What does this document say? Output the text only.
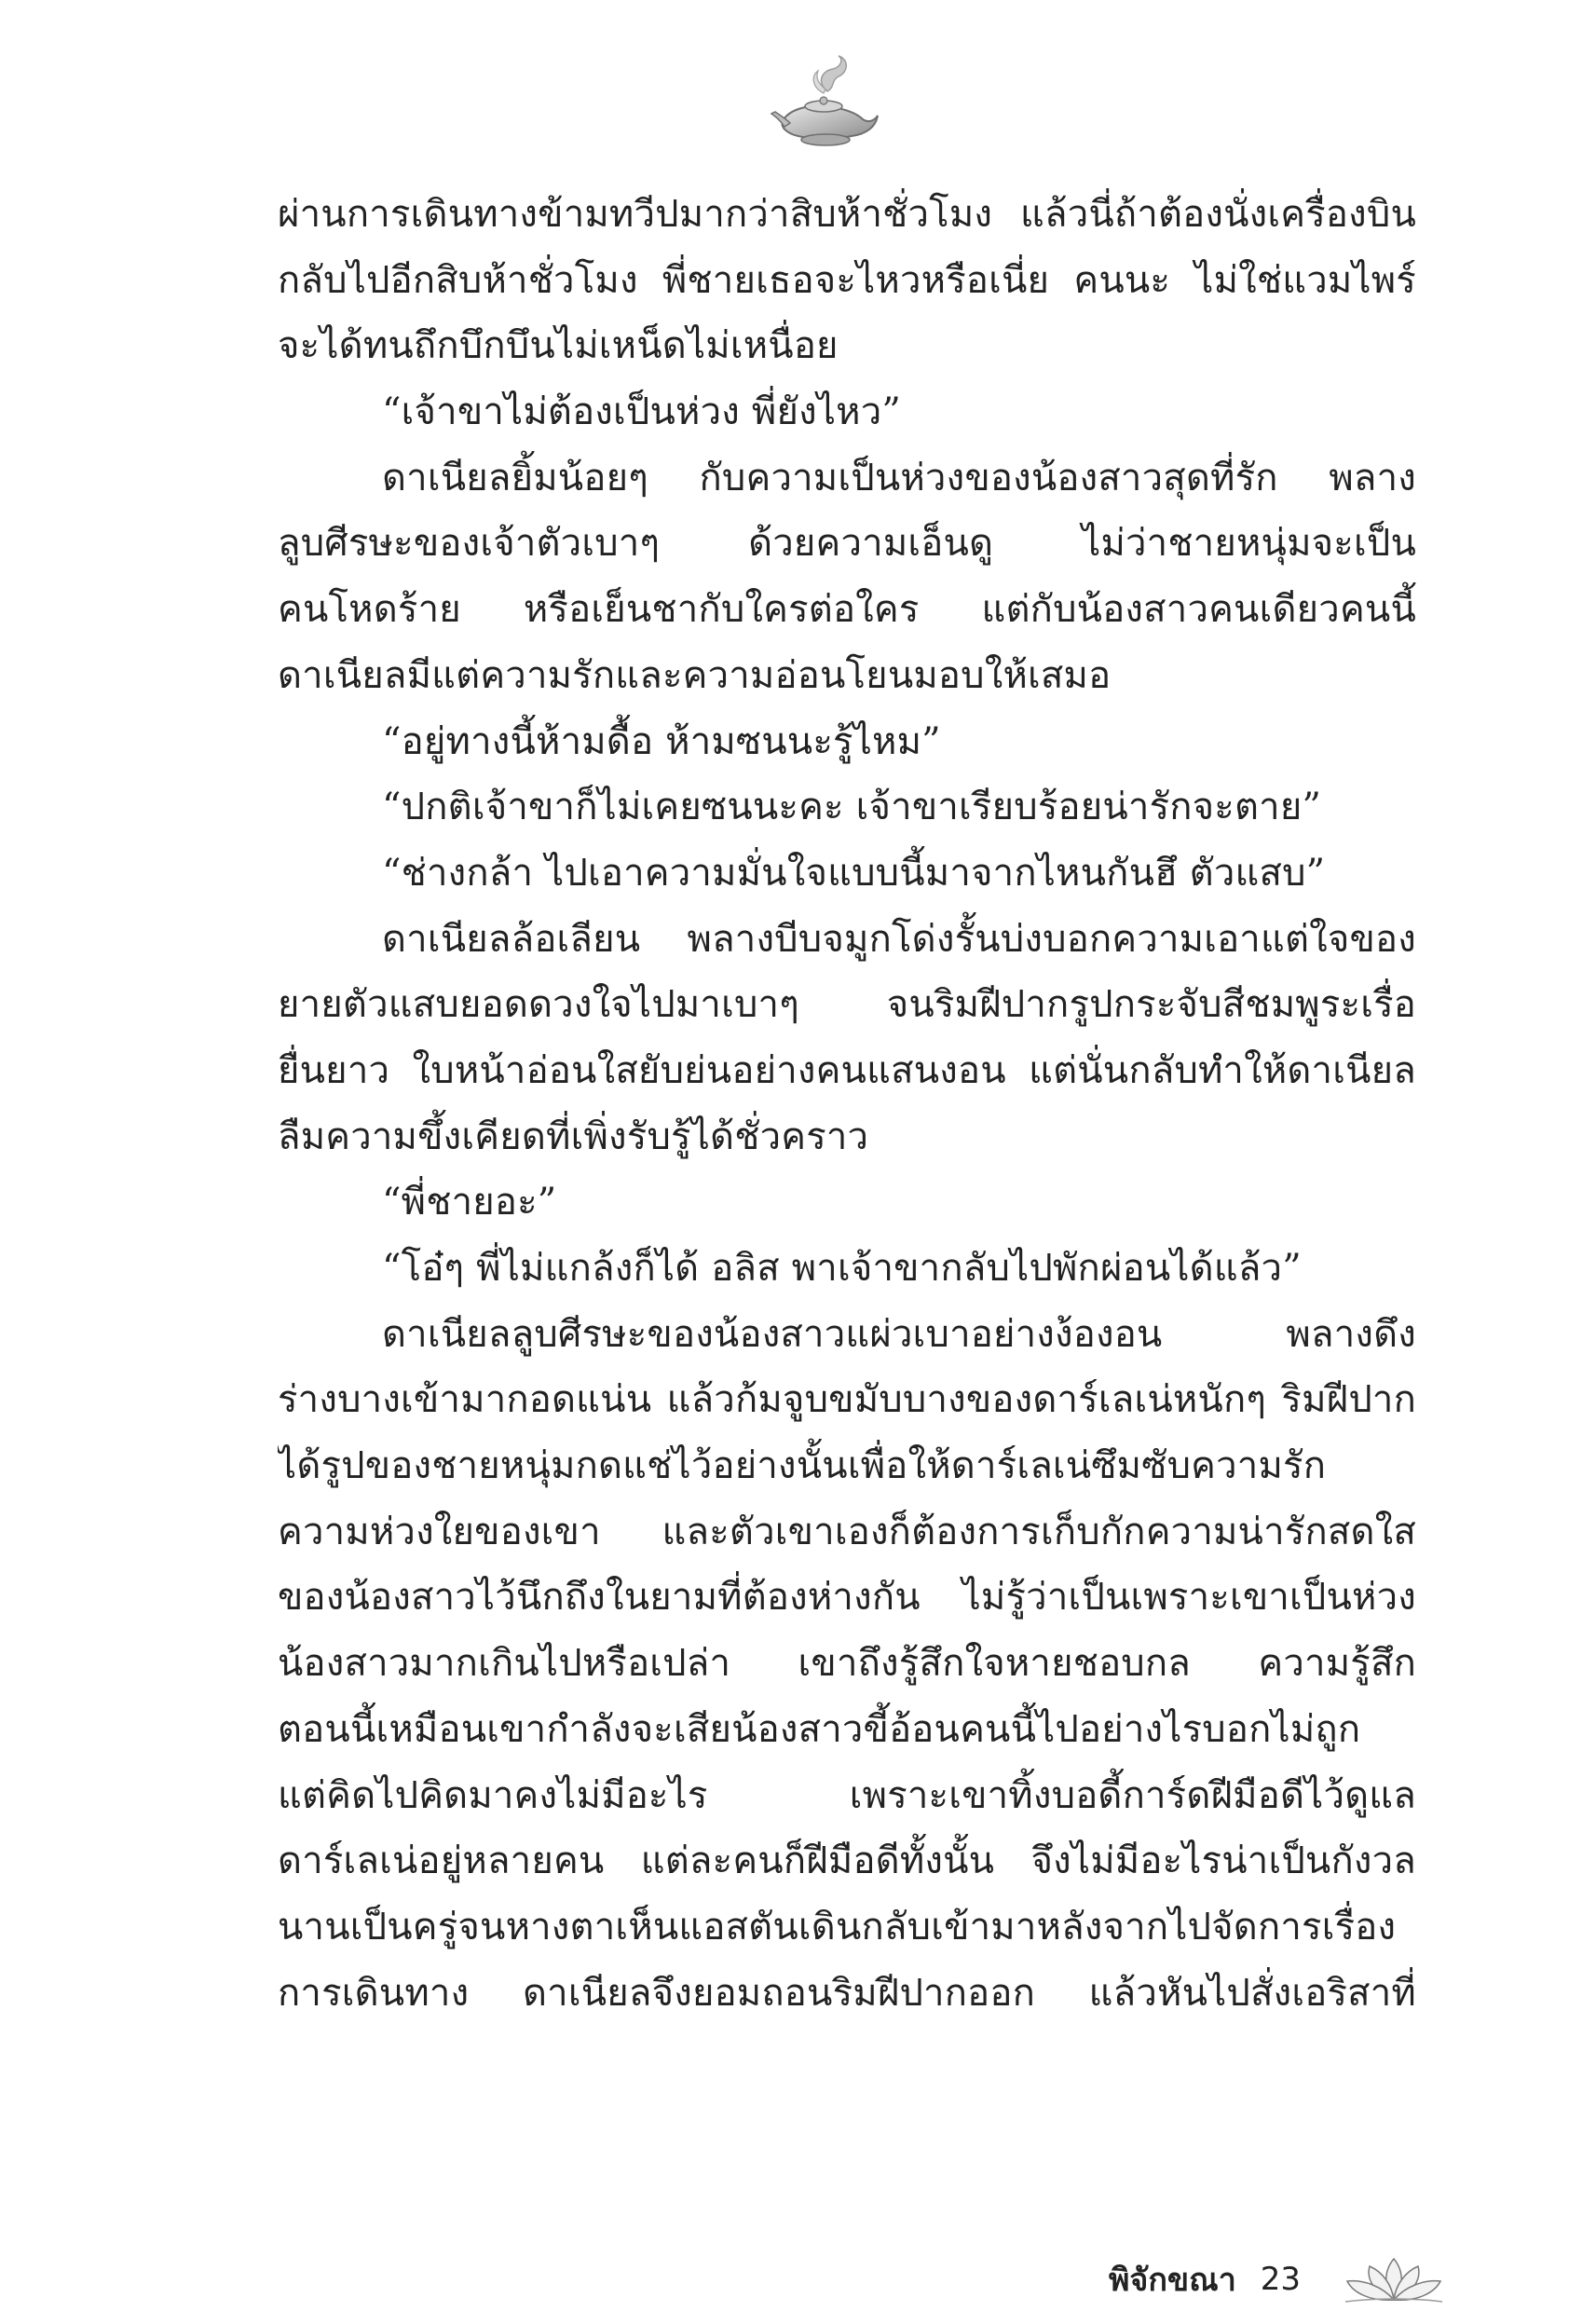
ผ่านการเดินทางข้ามทวีปมากว่าสิบห้าชั่วโมง แล้วนี่ถ้าต้องนั่งเครื่องบิน
กลับไปอีกสิบห้าชั่วโมง พี่ชายเธอจะไหวหรือเนี่ย คนนะ ไม่ใช่แวมไพร์
จะได้ทนถึกบึกบึนไม่เหน็ดไม่เหนื่อย
“เจ้าขาไม่ต้องเป็นห่วง พี่ยังไหว”
ดาเนียลยิ้มน้อยๆ กับความเป็นห่วงของน้องสาวสุดที่รัก พลาง
ลูบศีรษะของเจ้าตัวเบาๆ ด้วยความเอ็นดู ไม่ว่าชายหนุ่มจะเป็น
คนโหดร้าย หรือเย็นชากับใครต่อใคร แต่กับน้องสาวคนเดียวคนนี้
ดาเนียลมีแต่ความรักและความอ่อนโยนมอบให้เสมอ
“อยู่ทางนี้ห้ามดื้อ ห้ามซนนะรู้ไหม”
“ปกติเจ้าขาก็ไม่เคยซนนะคะ เจ้าขาเรียบร้อยน่ารักจะตาย”
“ช่างกล้า ไปเอาความมั่นใจแบบนี้มาจากไหนกันฮึ ตัวแสบ”
ดาเนียลล้อเลียน พลางบีบจมูกโด่งรั้นบ่งบอกความเอาแต่ใจของ
ยายตัวแสบยอดดวงใจไปมาเบาๆ จนริมฝีปากรูปกระจับสีชมพูระเรื่อ
ยื่นยาว ใบหน้าอ่อนใสยับย่นอย่างคนแสนงอน แต่นั่นกลับทำให้ดาเนียล
ลืมความขึ้งเคียดที่เพิ่งรับรู้ได้ชั่วคราว
“พี่ชายอะ”
“โอ๋ๆ พี่ไม่แกล้งก็ได้ อลิส พาเจ้าขากลับไปพักผ่อนได้แล้ว”
ดาเนียลลูบศีรษะของน้องสาวแผ่วเบาอย่างง้องอน พลางดึง
ร่างบางเข้ามากอดแน่น แล้วก้มจูบขมับบางของดาร์เลเน่หนักๆ ริมฝีปาก
ได้รูปของชายหนุ่มกดแช่ไว้อย่างนั้นเพื่อให้ดาร์เลเน่ซึมซับความรัก
ความห่วงใยของเขา และตัวเขาเองก็ต้องการเก็บกักความน่ารักสดใส
ของน้องสาวไว้นึกถึงในยามที่ต้องห่างกัน ไม่รู้ว่าเป็นเพราะเขาเป็นห่วง
น้องสาวมากเกินไปหรือเปล่า เขาถึงรู้สึกใจหายชอบกล ความรู้สึก
ตอนนี้เหมือนเขากำลังจะเสียน้องสาวขี้อ้อนคนนี้ไปอย่างไรบอกไม่ถูก
แต่คิดไปคิดมาคงไม่มีอะไร เพราะเขาทิ้งบอดี้การ์ดฝีมือดีไว้ดูแล
ดาร์เลเน่อยู่หลายคน แต่ละคนก็ฝีมือดีทั้งนั้น จึงไม่มีอะไรน่าเป็นกังวล
นานเป็นครู่จนหางตาเห็นแอสตันเดินกลับเข้ามาหลังจากไปจัดการเรื่อง
การเดินทาง ดาเนียลจึงยอมถอนริมฝีปากออก แล้วหันไปสั่งเอริสาที่
พิจักขณา 23
